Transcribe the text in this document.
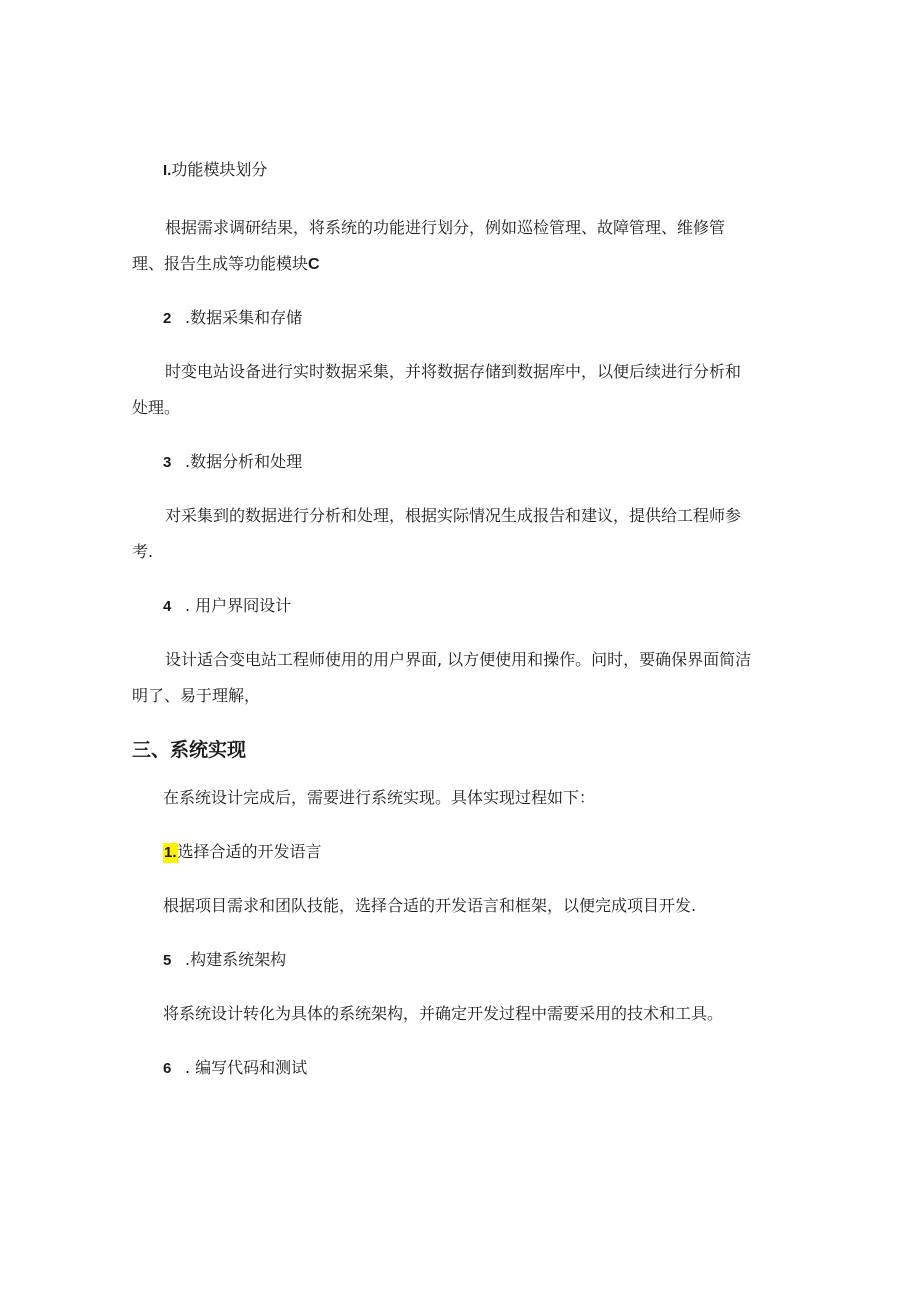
I.功能模块划分
根据需求调研结果，将系统的功能进行划分，例如巡检管理、故障管理、维修管
理、报告生成等功能模块C
2 .数据采集和存储
时变电站设备进行实时数据采集，并将数据存储到数据库中，以便后续进行分析和
处理。
3 .数据分析和处理
对采集到的数据进行分析和处理，根据实际情况生成报告和建议，提供给工程师参
考.
4 . 用户界冏设计
设计适合变电站工程师使用的用户界面, 以方便使用和操作。问时，要确保界面简洁
明了、易于理解，
三、系统实现
在系统设计完成后，需要进行系统实现。具体实现过程如下：
1.选择合适的开发语言
根据项目需求和团队技能，选择合适的开发语言和框架，以便完成项目开发.
5 .构建系统架构
将系统设计转化为具体的系统架构，并确定开发过程中需要采用的技术和工具。
6 . 编写代码和测试
